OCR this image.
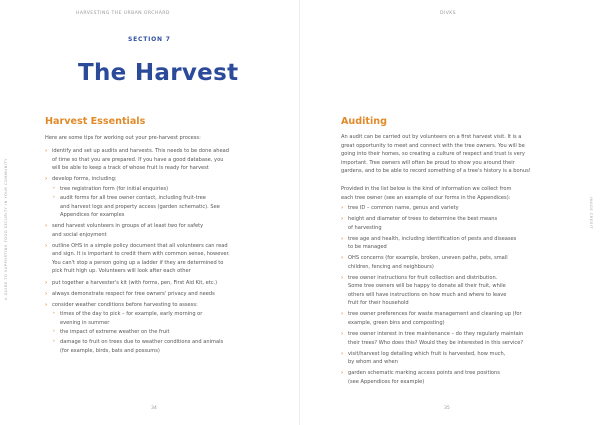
HARVESTING THE URBAN ORCHARD	DIVKS
A GUIDE TO SUPPORTING FOOD SECURITY IN YOUR COMMUNITY	IMAGE CREDIT
SECTION 7
The Harvest
Harvest Essentials
Here are some tips for working out your pre-harvest process:
› identify and set up audits and harvests. This needs to be done ahead
of time so that you are prepared. If you have a good database, you
will be able to keep a track of whose fruit is ready for harvest
› develop forms, including:
› tree registration form (for initial enquiries)
› audit forms for all tree owner contact, including fruit-tree
and harvest logs and property access (garden schematic). See
Appendices for examples
› send harvest volunteers in groups of at least two for safety
and social enjoyment
› outline OHS in a simple policy document that all volunteers can read
and sign. It is important to credit them with common sense, however.
You can't stop a person going up a ladder if they are determined to
pick fruit high up. Volunteers will look after each other
› put together a harvester's kit (with forms, pen, First Aid Kit, etc.)
› always demonstrate respect for tree owners' privacy and needs
› consider weather conditions before harvesting to assess:
› times of the day to pick – for example, early morning or
evening in summer
› the impact of extreme weather on the fruit
› damage to fruit on trees due to weather conditions and animals
(for example, birds, bats and possums)
Auditing
An audit can be carried out by volunteers on a first harvest visit. It is a
great opportunity to meet and connect with the tree owners. You will be
going into their homes, so creating a culture of respect and trust is very
important. Tree owners will often be proud to show you around their
gardens, and to be able to record something of a tree's history is a bonus!
Provided in the list below is the kind of information we collect from
each tree owner (see an example of our forms in the Appendices):
› tree ID – common name, genus and variety
› height and diameter of trees to determine the best means
of harvesting
› tree age and health, including identification of pests and diseases
to be managed
› OHS concerns (for example, broken, uneven paths, pets, small
children, fencing and neighbours)
› tree owner instructions for fruit collection and distribution.
Some tree owners will be happy to donate all their fruit, while
others will have instructions on how much and where to leave
fruit for their household
› tree owner preferences for waste management and cleaning up (for
example, green bins and composting)
› tree owner interest in tree maintenance – do they regularly maintain
their trees? Who does this? Would they be interested in this service?
› visit/harvest log detailing which fruit is harvested, how much,
by whom and when
› garden schematic marking access points and tree positions
(see Appendices for example)
34	35
